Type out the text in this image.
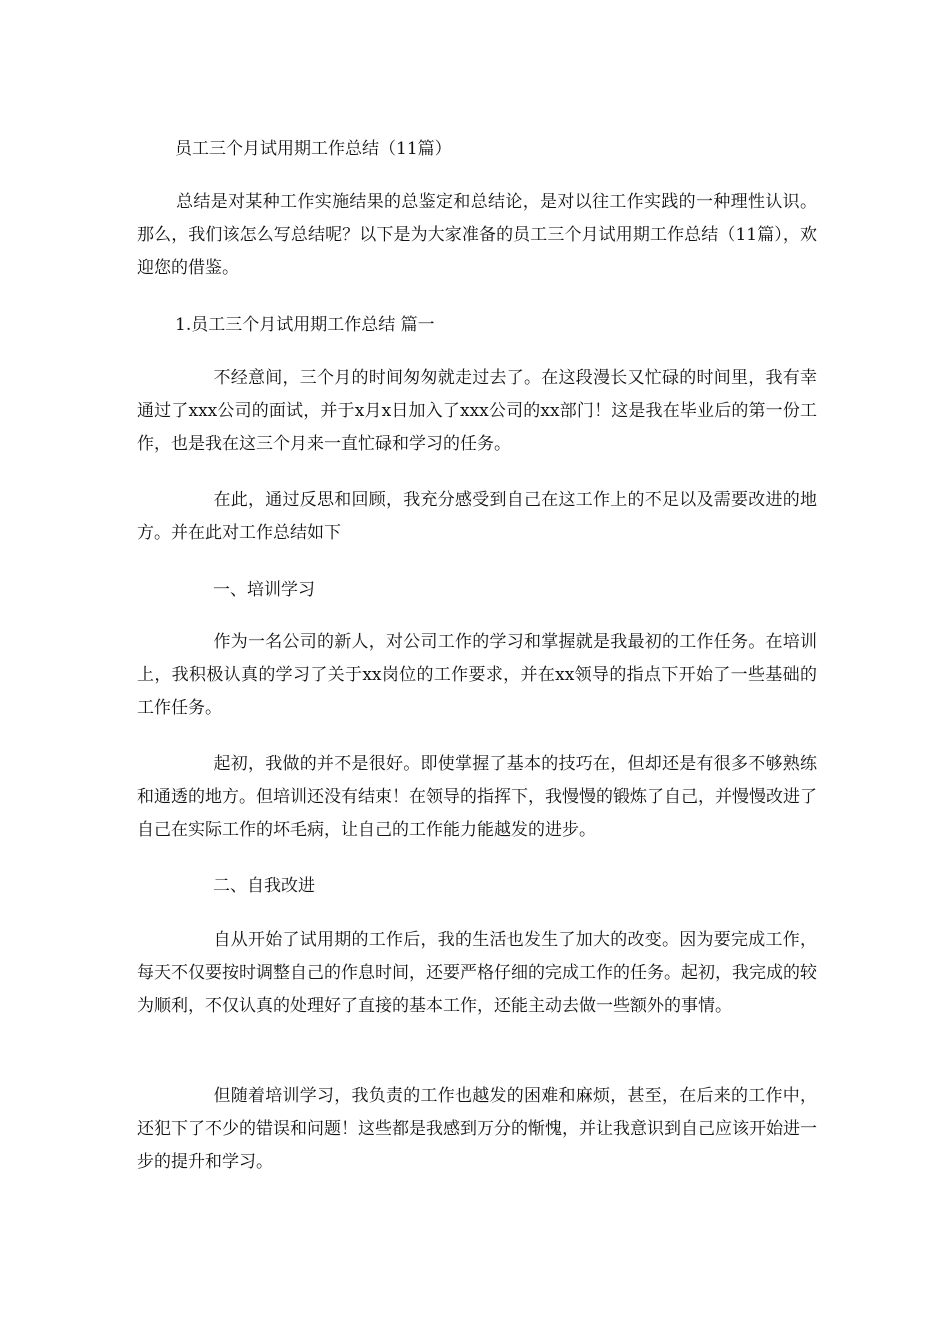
员工三个月试用期工作总结（11篇）

总结是对某种工作实施结果的总鉴定和总结论，是对以往工作实践的一种理性认识。那么，我们该怎么写总结呢？以下是为大家准备的员工三个月试用期工作总结（11篇），欢迎您的借鉴。

1.员工三个月试用期工作总结 篇一

不经意间，三个月的时间匆匆就走过去了。在这段漫长又忙碌的时间里，我有幸通过了xxx公司的面试，并于x月x日加入了xxx公司的xx部门！这是我在毕业后的第一份工作，也是我在这三个月来一直忙碌和学习的任务。

在此，通过反思和回顾，我充分感受到自己在这工作上的不足以及需要改进的地方。并在此对工作总结如下

一、培训学习

作为一名公司的新人，对公司工作的学习和掌握就是我最初的工作任务。在培训上，我积极认真的学习了关于xx岗位的工作要求，并在xx领导的指点下开始了一些基础的工作任务。

起初，我做的并不是很好。即使掌握了基本的技巧在，但却还是有很多不够熟练和通透的地方。但培训还没有结束！在领导的指挥下，我慢慢的锻炼了自己，并慢慢改进了自己在实际工作的坏毛病，让自己的工作能力能越发的进步。

二、自我改进

自从开始了试用期的工作后，我的生活也发生了加大的改变。因为要完成工作，每天不仅要按时调整自己的作息时间，还要严格仔细的完成工作的任务。起初，我完成的较为顺利，不仅认真的处理好了直接的基本工作，还能主动去做一些额外的事情。

但随着培训学习，我负责的工作也越发的困难和麻烦，甚至，在后来的工作中，还犯下了不少的错误和问题！这些都是我感到万分的惭愧，并让我意识到自己应该开始进一步的提升和学习。
